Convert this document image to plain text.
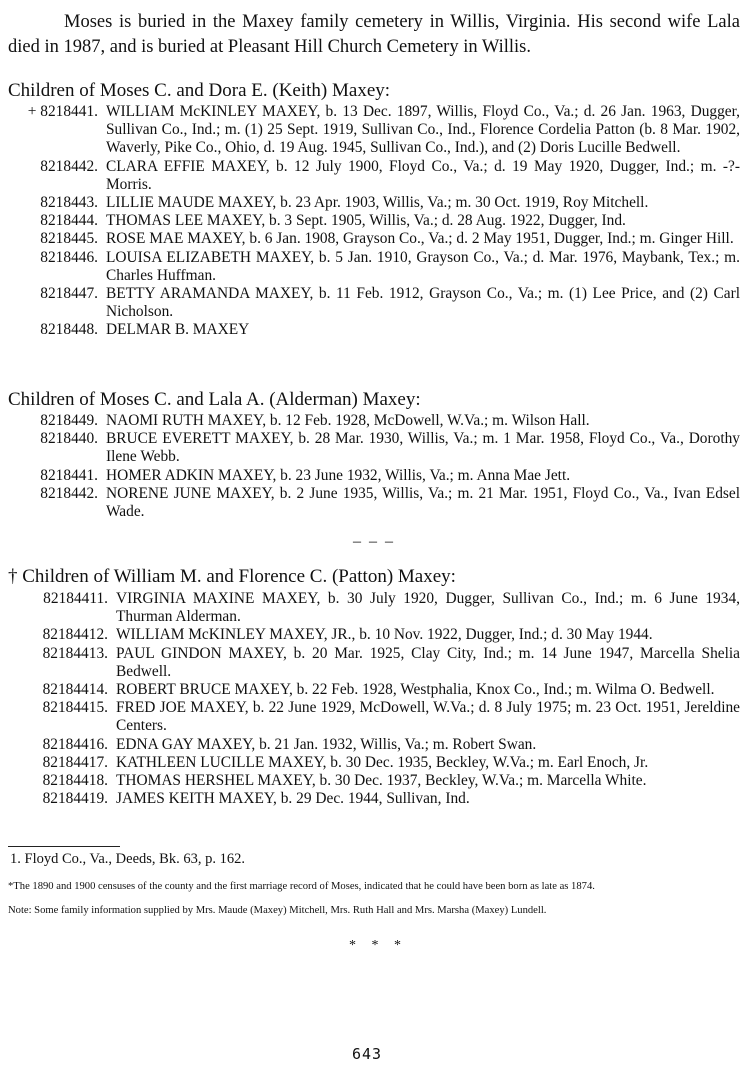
Moses is buried in the Maxey family cemetery in Willis, Virginia. His second wife Lala died in 1987, and is buried at Pleasant Hill Church Cemetery in Willis.

Children of Moses C. and Dora E. (Keith) Maxey:
+ 8218441. WILLIAM McKINLEY MAXEY, b. 13 Dec. 1897, Willis, Floyd Co., Va.; d. 26 Jan. 1963, Dugger, Sullivan Co., Ind.; m. (1) 25 Sept. 1919, Sullivan Co., Ind., Florence Cordelia Patton (b. 8 Mar. 1902, Waverly, Pike Co., Ohio, d. 19 Aug. 1945, Sullivan Co., Ind.), and (2) Doris Lucille Bedwell.
8218442. CLARA EFFIE MAXEY, b. 12 July 1900, Floyd Co., Va.; d. 19 May 1920, Dugger, Ind.; m. -?-Morris.
8218443. LILLIE MAUDE MAXEY, b. 23 Apr. 1903, Willis, Va.; m. 30 Oct. 1919, Roy Mitchell.
8218444. THOMAS LEE MAXEY, b. 3 Sept. 1905, Willis, Va.; d. 28 Aug. 1922, Dugger, Ind.
8218445. ROSE MAE MAXEY, b. 6 Jan. 1908, Grayson Co., Va.; d. 2 May 1951, Dugger, Ind.; m. Ginger Hill.
8218446. LOUISA ELIZABETH MAXEY, b. 5 Jan. 1910, Grayson Co., Va.; d. Mar. 1976, Maybank, Tex.; m. Charles Huffman.
8218447. BETTY ARAMANDA MAXEY, b. 11 Feb. 1912, Grayson Co., Va.; m. (1) Lee Price, and (2) Carl Nicholson.
8218448. DELMAR B. MAXEY
Children of Moses C. and Lala A. (Alderman) Maxey:
8218449. NAOMI RUTH MAXEY, b. 12 Feb. 1928, McDowell, W.Va.; m. Wilson Hall.
8218440. BRUCE EVERETT MAXEY, b. 28 Mar. 1930, Willis, Va.; m. 1 Mar. 1958, Floyd Co., Va., Dorothy Ilene Webb.
8218441. HOMER ADKIN MAXEY, b. 23 June 1932, Willis, Va.; m. Anna Mae Jett.
8218442. NORENE JUNE MAXEY, b. 2 June 1935, Willis, Va.; m. 21 Mar. 1951, Floyd Co., Va., Ivan Edsel Wade.
– – –
† Children of William M. and Florence C. (Patton) Maxey:
82184411. VIRGINIA MAXINE MAXEY, b. 30 July 1920, Dugger, Sullivan Co., Ind.; m. 6 June 1934, Thurman Alderman.
82184412. WILLIAM McKINLEY MAXEY, JR., b. 10 Nov. 1922, Dugger, Ind.; d. 30 May 1944.
82184413. PAUL GINDON MAXEY, b. 20 Mar. 1925, Clay City, Ind.; m. 14 June 1947, Marcella Shelia Bedwell.
82184414. ROBERT BRUCE MAXEY, b. 22 Feb. 1928, Westphalia, Knox Co., Ind.; m. Wilma O. Bedwell.
82184415. FRED JOE MAXEY, b. 22 June 1929, McDowell, W.Va.; d. 8 July 1975; m. 23 Oct. 1951, Jereldine Centers.
82184416. EDNA GAY MAXEY, b. 21 Jan. 1932, Willis, Va.; m. Robert Swan.
82184417. KATHLEEN LUCILLE MAXEY, b. 30 Dec. 1935, Beckley, W.Va.; m. Earl Enoch, Jr.
82184418. THOMAS HERSHEL MAXEY, b. 30 Dec. 1937, Beckley, W.Va.; m. Marcella White.
82184419. JAMES KEITH MAXEY, b. 29 Dec. 1944, Sullivan, Ind.
1. Floyd Co., Va., Deeds, Bk. 63, p. 162.
*The 1890 and 1900 censuses of the county and the first marriage record of Moses, indicated that he could have been born as late as 1874.
Note: Some family information supplied by Mrs. Maude (Maxey) Mitchell, Mrs. Ruth Hall and Mrs. Marsha (Maxey) Lundell.
* * *
643
